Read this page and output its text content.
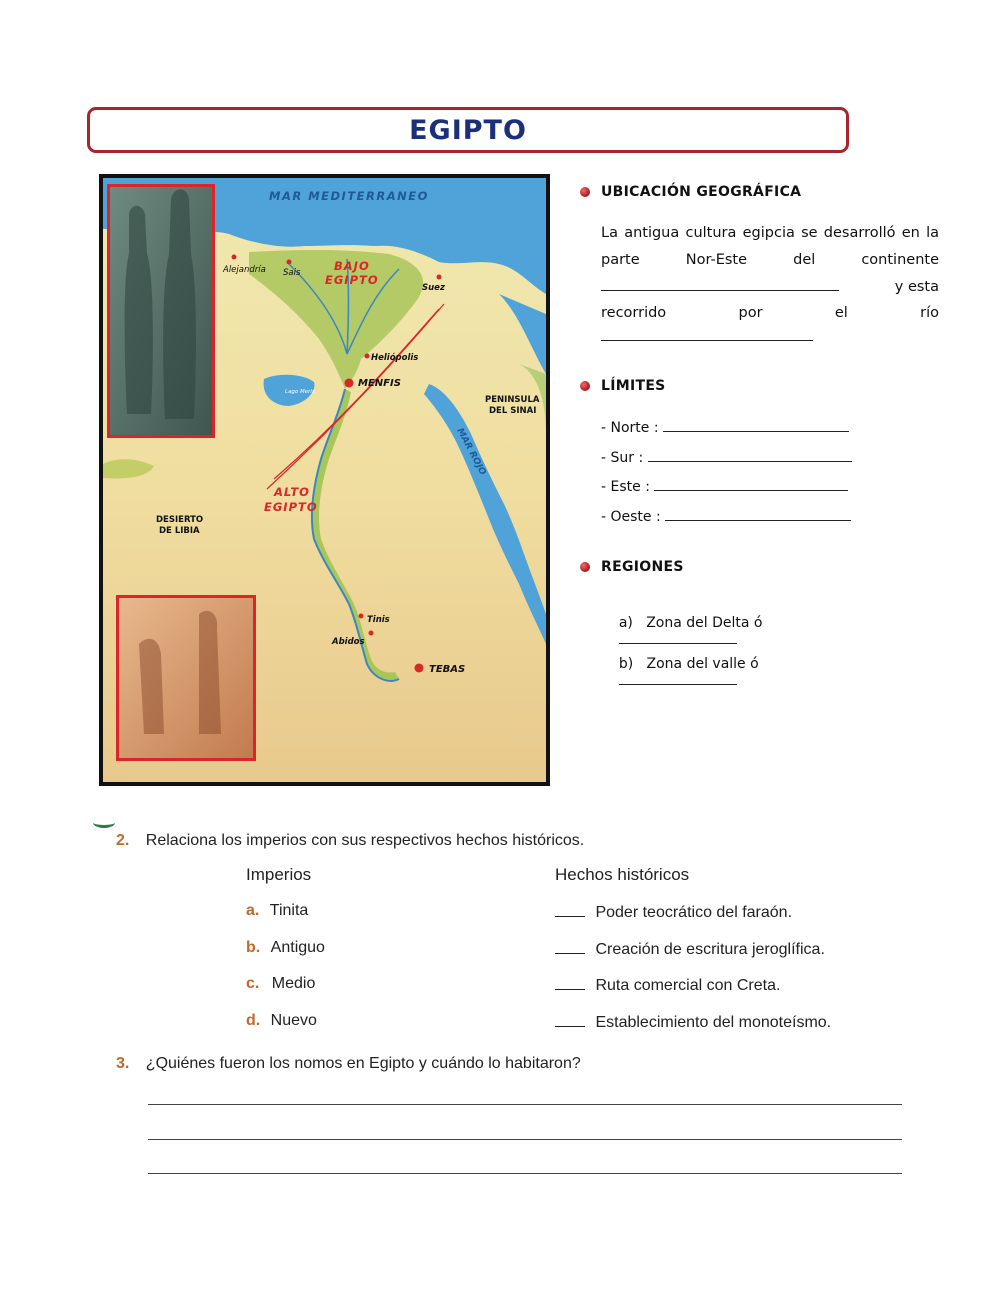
EGIPTO
MAR MEDITERRANEO
Alejandría Sais	BAJO
EGIPTO
Suez
Heliópolis
MENFIS
Lago Meris
PENINSULA
DEL SINAI
MAR ROJO
ALTO
EGIPTO
DESIERTO
DE LIBIA
Tinis
Abidos
TEBAS
UBICACIÓN GEOGRÁFICA
La antigua cultura egipcia se desarrolló en la
parte Nor-Este del continente
y esta
recorrido por el río
LÍMITES
- Norte :
- Sur :
- Este :
- Oeste :
REGIONES

a)   Zona del Delta ó

b)   Zona del valle ó

2. Relaciona los imperios con sus respectivos hechos históricos.
Imperios	Hechos históricos
a. Tinita
b. Antiguo
c. Medio
d. Nuevo
Poder teocrático del faraón.
Creación de escritura jeroglífica.
Ruta comercial con Creta.
Establecimiento del monoteísmo.
3. ¿Quiénes fueron los nomos en Egipto y cuándo lo habitaron?
